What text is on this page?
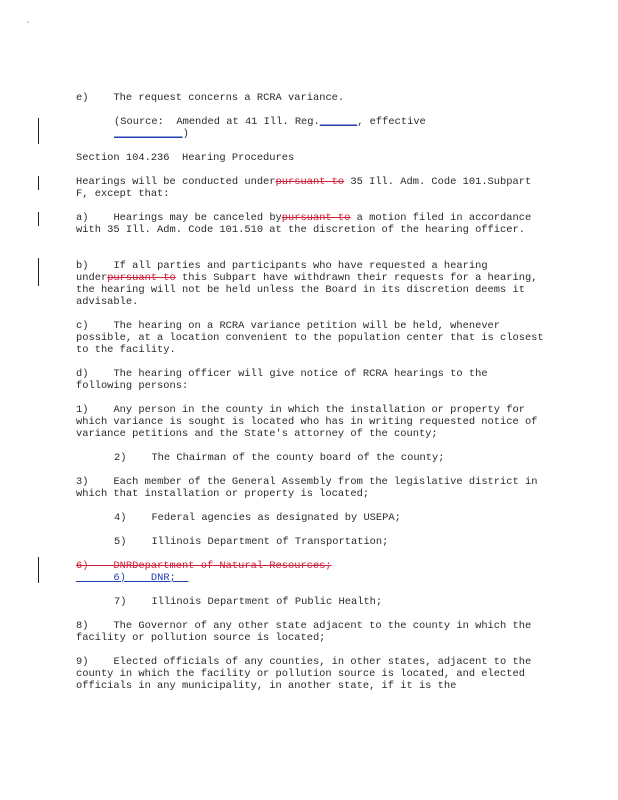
·
e) The request concerns a RCRA variance.
(Source:  Amended at 41 Ill. Reg.______, effective
___________)
Section 104.236  Hearing Procedures
Hearings will be conducted underpursuant to 35 Ill. Adm. Code 101.Subpart F, except that:
a) Hearings may be canceled bypursuant to a motion filed in accordance with 35 Ill. Adm. Code 101.510 at the discretion of the hearing officer.
b) If all parties and participants who have requested a hearing underpursuant to this Subpart have withdrawn their requests for a hearing, the hearing will not be held unless the Board in its discretion deems it advisable.
c) The hearing on a RCRA variance petition will be held, whenever possible, at a location convenient to the population center that is closest to the facility.
d) The hearing officer will give notice of RCRA hearings to the following persons:
1) Any person in the county in which the installation or property for which variance is sought is located who has in writing requested notice of variance petitions and the State's attorney of the county;
2) The Chairman of the county board of the county;
3) Each member of the General Assembly from the legislative district in which that installation or property is located;
4) Federal agencies as designated by USEPA;
5) Illinois Department of Transportation;
6)    DNRDepartment of Natural Resources;
6) DNR;
7) Illinois Department of Public Health;
8) The Governor of any other state adjacent to the county in which the facility or pollution source is located;
9) Elected officials of any counties, in other states, adjacent to the county in which the facility or pollution source is located, and elected officials in any municipality, in another state, if it is the
